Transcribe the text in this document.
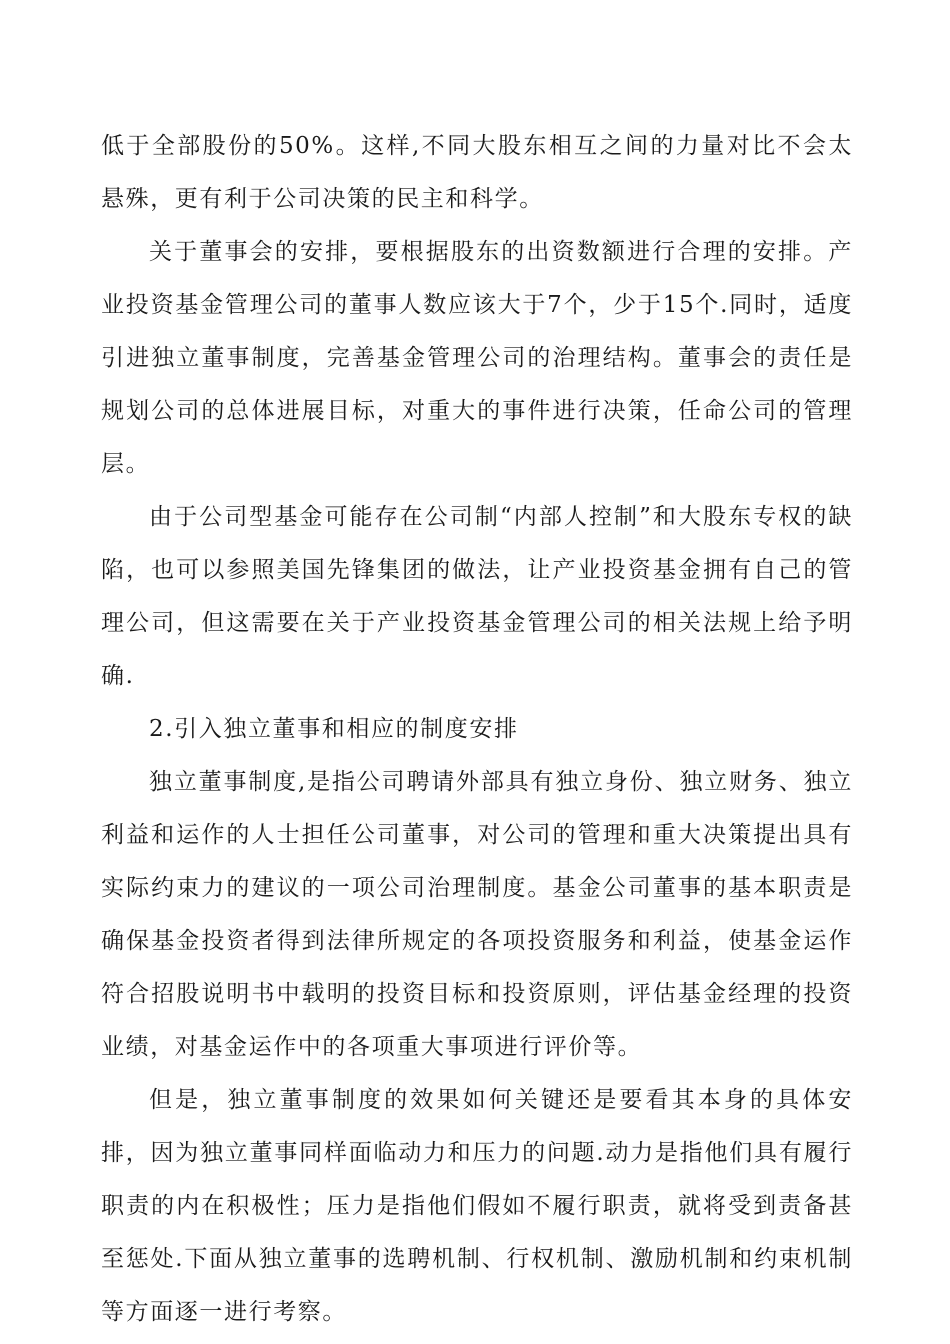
低于全部股份的50%。这样,不同大股东相互之间的力量对比不会太悬殊，更有利于公司决策的民主和科学。

关于董事会的安排，要根据股东的出资数额进行合理的安排。产业投资基金管理公司的董事人数应该大于7个，少于15个.同时，适度引进独立董事制度，完善基金管理公司的治理结构。董事会的责任是规划公司的总体进展目标，对重大的事件进行决策，任命公司的管理层。

由于公司型基金可能存在公司制“内部人控制”和大股东专权的缺陷，也可以参照美国先锋集团的做法，让产业投资基金拥有自己的管理公司，但这需要在关于产业投资基金管理公司的相关法规上给予明确.

2.引入独立董事和相应的制度安排

独立董事制度,是指公司聘请外部具有独立身份、独立财务、独立利益和运作的人士担任公司董事，对公司的管理和重大决策提出具有实际约束力的建议的一项公司治理制度。基金公司董事的基本职责是确保基金投资者得到法律所规定的各项投资服务和利益，使基金运作符合招股说明书中载明的投资目标和投资原则，评估基金经理的投资业绩，对基金运作中的各项重大事项进行评价等。

但是，独立董事制度的效果如何关键还是要看其本身的具体安排，因为独立董事同样面临动力和压力的问题.动力是指他们具有履行职责的内在积极性；压力是指他们假如不履行职责，就将受到责备甚至惩处.下面从独立董事的选聘机制、行权机制、激励机制和约束机制等方面逐一进行考察。
